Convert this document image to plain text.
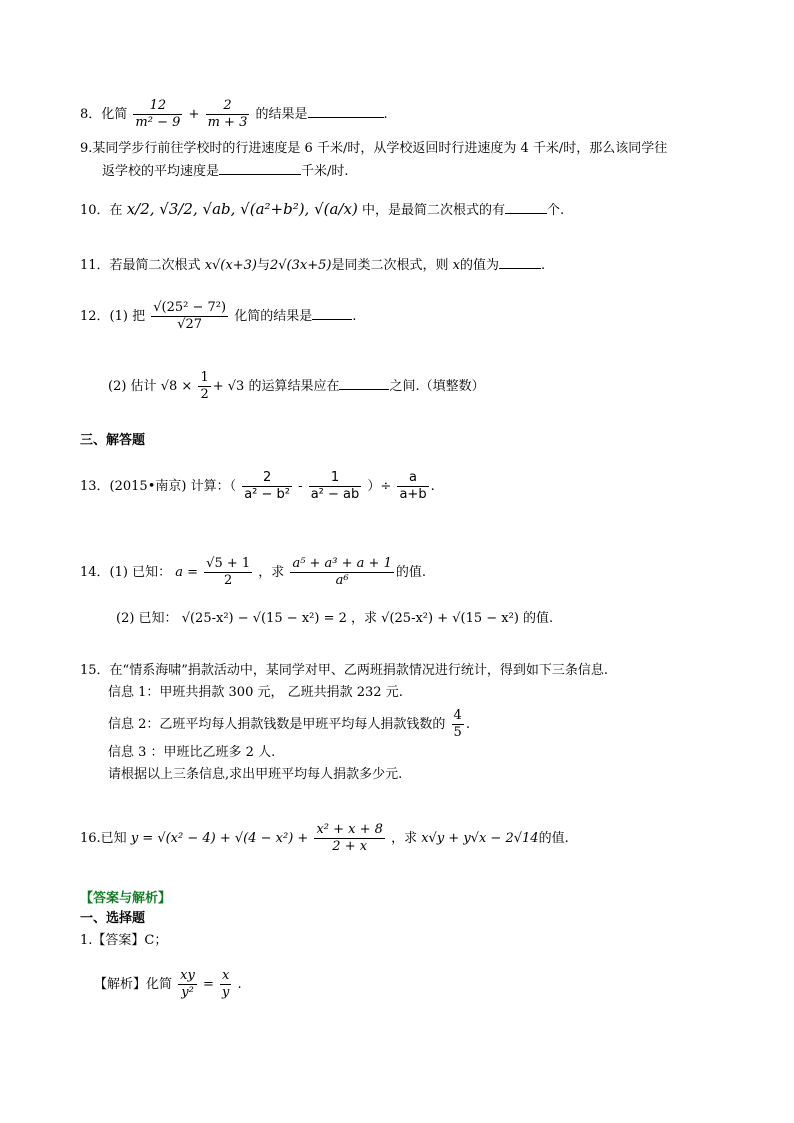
8．化简 $\frac{12}{\text{m² − 9}} + \frac{2}{m + 3}$ 的结果是	.
9.某同学步行前往学校时的行进速度是 6 千米/时，从学校返回时行进速度为 4 千米/时，那么该同学往
返学校的平均速度是	千米/时.
10．在 x/2, √3/2, √ab, √(a²+b²), √(a/x) 中，是最简二次根式的有	个.
11．若最简二次根式 x√(x+3)与2√(3x+5)是同类二次根式，则 x的值为	.
12．(1) 把 $\frac{\text{√(25² − 7²)}}{√27}$ 化简的结果是	.
(2) 估计 $√8 \times \frac{1}{2} + √3$ 的运算结果应在	之间.（填整数）
三、解答题
13．(2015•南京) 计算：（ $\frac{2}{\text{a² − b²}} - \frac{1}{\text{a² − ab}}$ ）÷ $\frac{a}{a+b}$ .
14．(1) 已知： $a = \frac{√5 + 1}{2}$ ，求 $\frac{\text{a⁵ + a³ + a + 1}}{\text{a⁶}}$ 的值.
(2) 已知： √(25-x²) − √(15 − x²) = 2 ，求 √(25-x²) + √(15 − x²) 的值.
15．在“情系海啸”捐款活动中，某同学对甲、乙两班捐款情况进行统计，得到如下三条信息.
信息 1：甲班共捐款 300 元， 乙班共捐款 232 元.
信息 2：乙班平均每人捐款钱数是甲班平均每人捐款钱数的 $\frac{4}{5}$ .
信息 3 ：甲班比乙班多 2 人.
请根据以上三条信息,求出甲班平均每人捐款多少元.
16.已知 $y = √(x^2 - 4) + √(4 - x^2) + \frac{\text{x² + x + 8}}{2 + x}$ ，求 x√y + y√x − 2√14的值.
【答案与解析】
一、选择题
1.【答案】C；
【解析】化简 $\frac{xy}{\text{y²}} = \frac{x}{y}$ .
